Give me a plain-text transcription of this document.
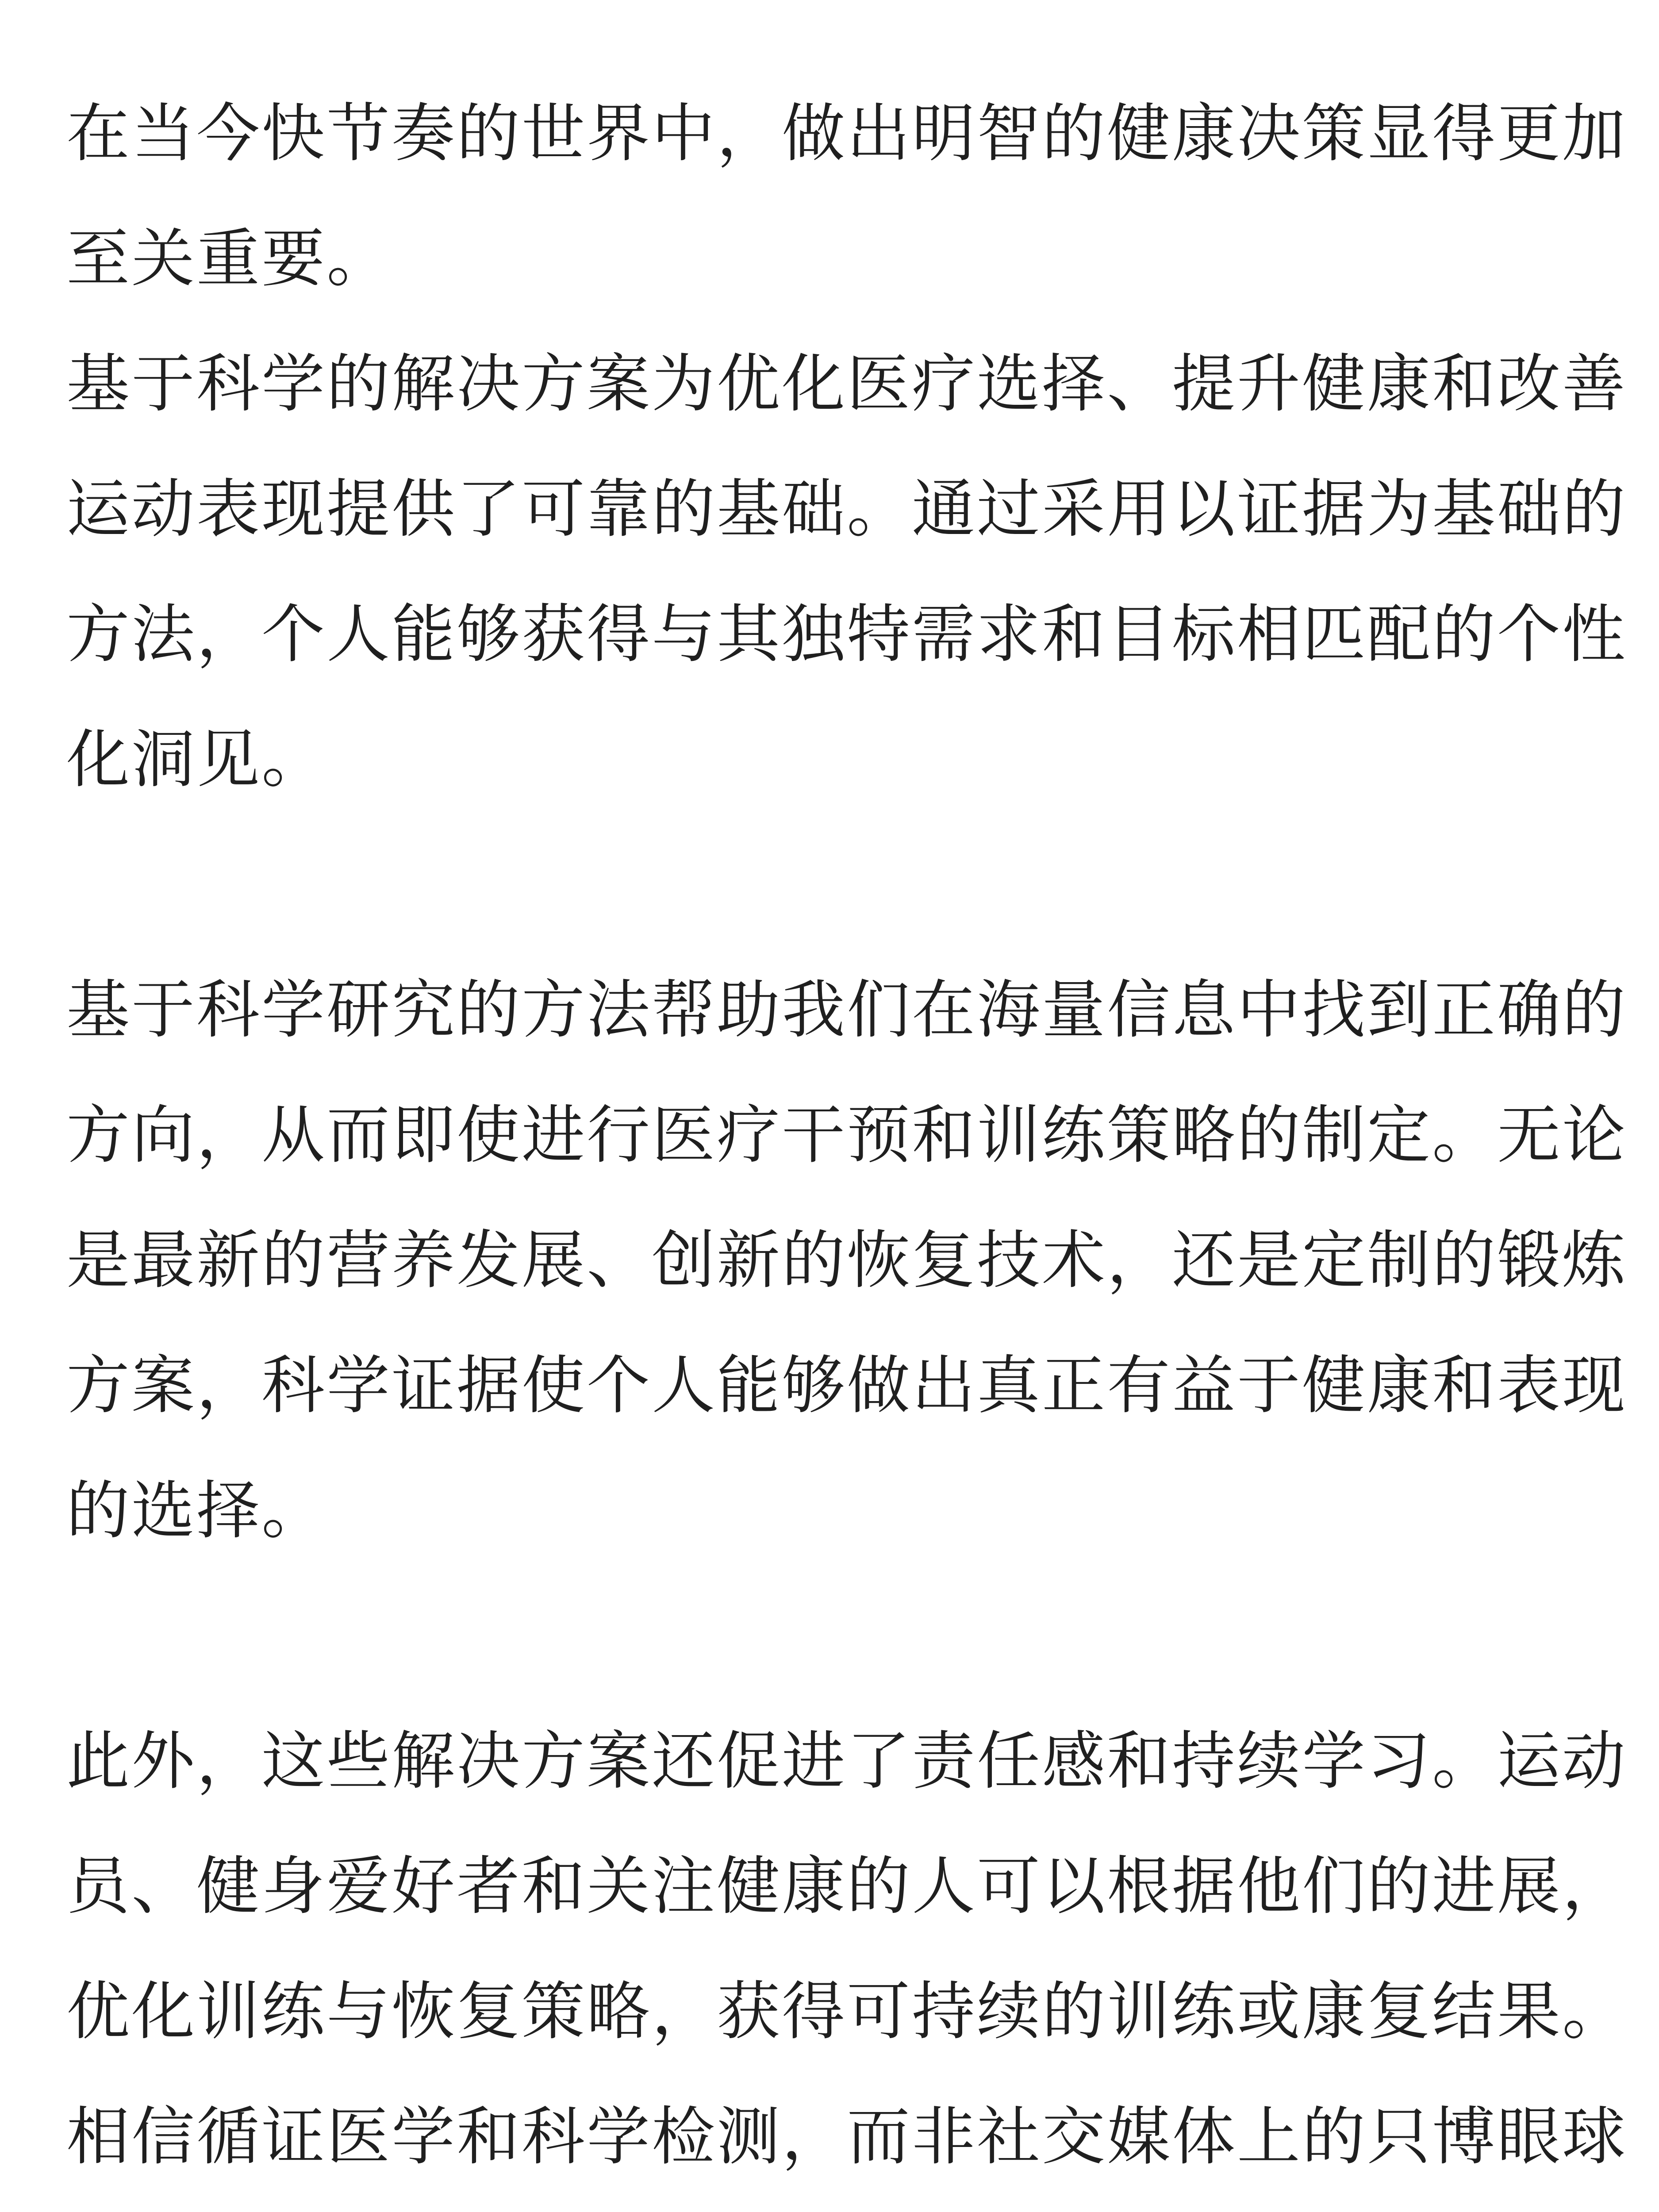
在当今快节奏的世界中，做出明智的健康决策显得更加
至关重要。
基于科学的解决方案为优化医疗选择、提升健康和改善
运动表现提供了可靠的基础。通过采用以证据为基础的
方法，个人能够获得与其独特需求和目标相匹配的个性
化洞见。
基于科学研究的方法帮助我们在海量信息中找到正确的
方向，从而即使进行医疗干预和训练策略的制定。无论
是最新的营养发展、创新的恢复技术，还是定制的锻炼
方案，科学证据使个人能够做出真正有益于健康和表现
的选择。
此外，这些解决方案还促进了责任感和持续学习。运动
员、健身爱好者和关注健康的人可以根据他们的进展，
优化训练与恢复策略，获得可持续的训练或康复结果。
相信循证医学和科学检测，而非社交媒体上的只博眼球
